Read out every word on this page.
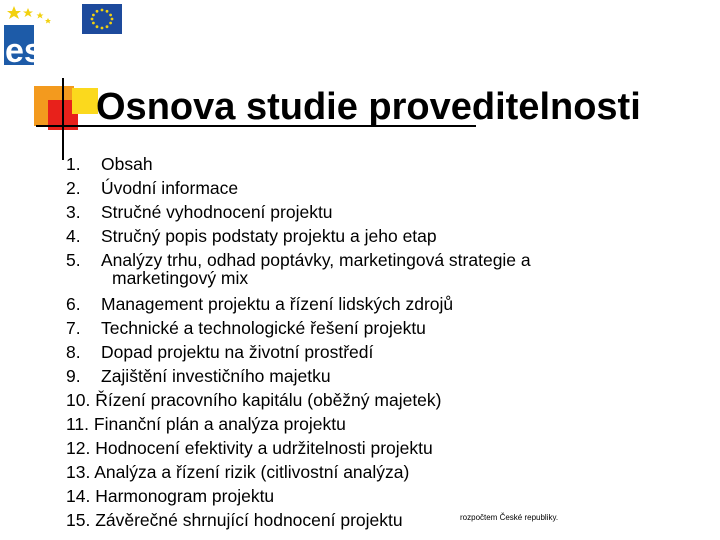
esf
Osnova studie proveditelnosti
1. Obsah
2. Úvodní informace
3. Stručné vyhodnocení projektu
4. Stručný popis podstaty projektu a jeho etap
5. Analýzy trhu, odhad poptávky, marketingová strategie a
marketingový mix
6. Management projektu a řízení lidských zdrojů
7. Technické a technologické řešení projektu
8. Dopad projektu na životní prostředí
9. Zajištění investičního majetku
10. Řízení pracovního kapitálu (oběžný majetek)
11. Finanční plán a analýza projektu
12. Hodnocení efektivity a udržitelnosti projektu
13. Analýza a řízení rizik (citlivostní analýza)
14. Harmonogram projektu
15. Závěrečné shrnující hodnocení projektu	rozpočtem České republiky.
